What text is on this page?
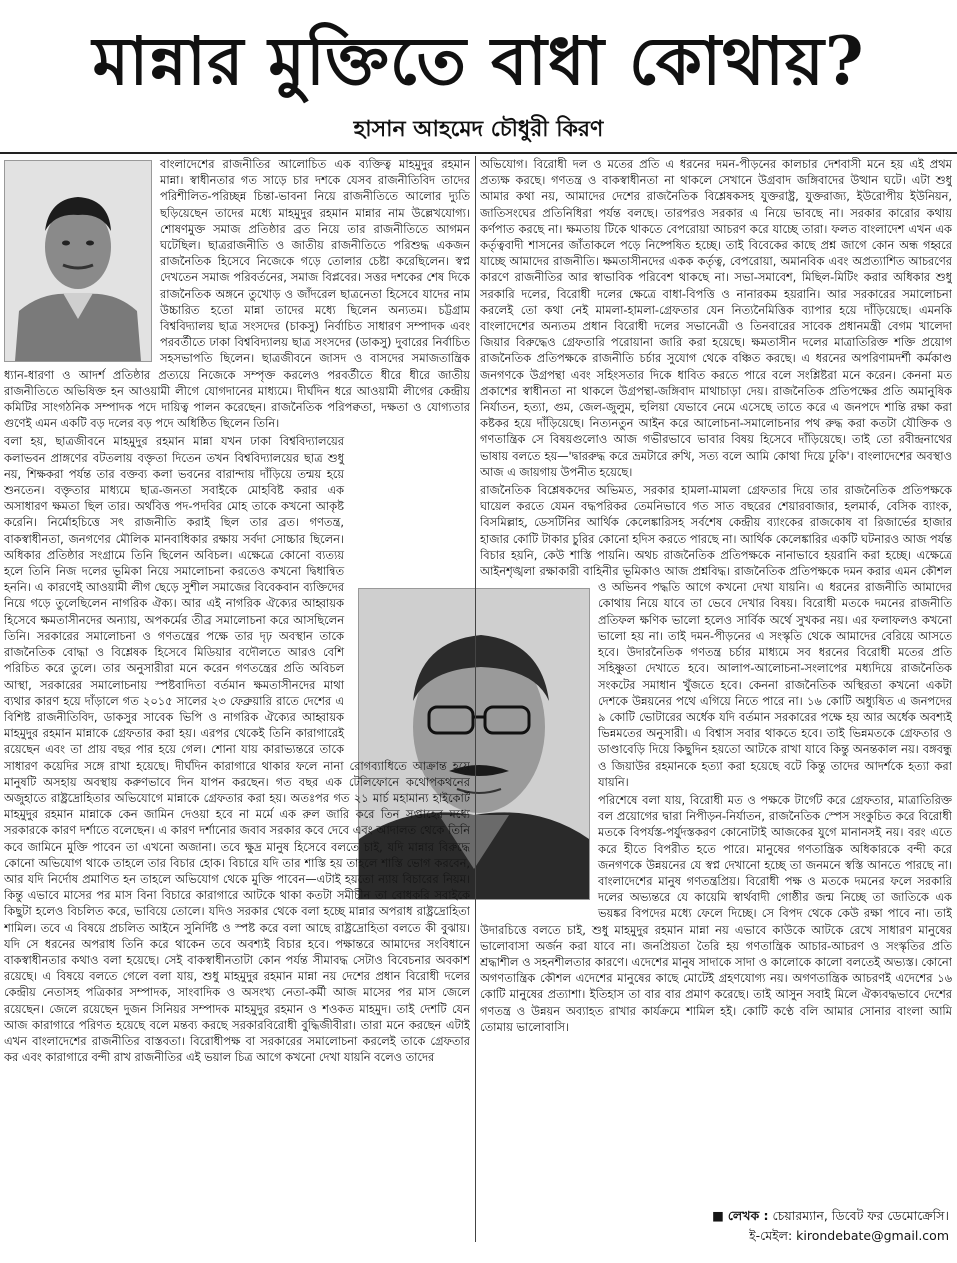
মান্নার মুক্তিতে বাধা কোথায়?
হাসান আহমেদ চৌধুরী কিরণ

বাংলাদেশের রাজনীতির আলোচিত এক ব্যক্তিত্ব মাহমুদুর রহমান মান্না। স্বাধীনতার গত সাড়ে চার দশকে যেসব রাজনীতিবিদ তাদের পরিশীলিত-পরিচ্ছন্ন চিন্তা-ভাবনা নিয়ে রাজনীতিতে আলোর দ্যুতি ছড়িয়েছেন তাদের মধ্যে মাহমুদুর রহমান মান্নার নাম উল্লেখযোগ্য। শোষণমুক্ত সমাজ প্রতিষ্ঠার ব্রত নিয়ে তার রাজনীতিতে আগমন ঘটেছিল। ছাত্ররাজনীতি ও জাতীয় রাজনীতিতে পরিশুদ্ধ একজন রাজনৈতিক হিসেবে নিজেকে গড়ে তোলার চেষ্টা করেছিলেন। স্বপ্ন দেখতেন সমাজ পরিবর্তনের, সমাজ বিপ্লবের। সত্তর দশকের শেষ দিকে রাজনৈতিক অঙ্গনে তুখোড় ও জাঁদরেল ছাত্রনেতা হিসেবে যাদের নাম উচ্চারিত হতো মান্না তাদের মধ্যে ছিলেন অন্যতম। চট্টগ্রাম বিশ্ববিদ্যালয় ছাত্র সংসদের (চাকসু) নির্বাচিত সাধারণ সম্পাদক এবং পরবর্তীতে ঢাকা বিশ্ববিদ্যালয় ছাত্র সংসদের (ডাকসু) দুবারের নির্বাচিত সহসভাপতি ছিলেন। ছাত্রজীবনে জাসদ ও বাসদের সমাজতান্ত্রিক ধ্যান-ধারণা ও আদর্শ প্রতিষ্ঠার প্রত্যয়ে নিজেকে সম্পৃক্ত করলেও পরবর্তীতে ধীরে ধীরে জাতীয় রাজনীতিতে অভিষিক্ত হন আওয়ামী লীগে যোগদানের মাধ্যমে। দীর্ঘদিন ধরে আওয়ামী লীগের কেন্দ্রীয় কমিটির সাংগঠনিক সম্পাদক পদে দায়িত্ব পালন করেছেন। রাজনৈতিক পরিপক্বতা, দক্ষতা ও যোগ্যতার গুণেই এমন একটি বড় দলের বড় পদে অধিষ্ঠিত ছিলেন তিনি।

বলা হয়, ছাত্রজীবনে মাহমুদুর রহমান মান্না যখন ঢাকা বিশ্ববিদ্যালয়ের কলাভবন প্রাঙ্গণের বটতলায় বক্তৃতা দিতেন তখন বিশ্ববিদ্যালয়ের ছাত্র শুধু নয়, শিক্ষকরা পর্যন্ত তার বক্তব্য কলা ভবনের বারান্দায় দাঁড়িয়ে তন্ময় হয়ে শুনতেন। বক্তৃতার মাধ্যমে ছাত্র-জনতা সবাইকে মোহবিষ্ট করার এক অসাধারণ ক্ষমতা ছিল তার। অর্থবিত্ত পদ-পদবির মোহ তাকে কখনো আকৃষ্ট করেনি। নির্মোহচিত্তে সৎ রাজনীতি করাই ছিল তার ব্রত। গণতন্ত্র, বাকস্বাধীনতা, জনগণের মৌলিক মানবাধিকার রক্ষায় সর্বদা সোচ্চার ছিলেন। অধিকার প্রতিষ্ঠার সংগ্রামে তিনি ছিলেন অবিচল। এক্ষেত্রে কোনো ব্যত্যয় হলে তিনি নিজ দলের ভূমিকা নিয়ে সমালোচনা করতেও কখনো দ্বিধান্বিত হননি। এ কারণেই আওয়ামী লীগ ছেড়ে সুশীল সমাজের বিবেকবান ব্যক্তিদের নিয়ে গড়ে তুলেছিলেন নাগরিক ঐক্য। আর এই নাগরিক ঐক্যের আহ্বায়ক হিসেবে ক্ষমতাসীনদের অন্যায়, অপকর্মের তীব্র সমালোচনা করে আসছিলেন তিনি। সরকারের সমালোচনা ও গণতন্ত্রের পক্ষে তার দৃঢ় অবস্থান তাকে রাজনৈতিক বোদ্ধা ও বিশ্লেষক হিসেবে মিডিয়ার বদৌলতে আরও বেশি পরিচিত করে তুলে। তার অনুসারীরা মনে করেন গণতন্ত্রের প্রতি অবিচল আস্থা, সরকারের সমালোচনায় স্পষ্টবাদিতা বর্তমান ক্ষমতাসীনদের মাথা ব্যথার কারণ হয়ে দাঁড়ালে গত ২০১৫ সালের ২৩ ফেব্রুয়ারি রাতে দেশের এ বিশিষ্ট রাজনীতিবিদ, ডাকসুর সাবেক ভিপি ও নাগরিক ঐক্যের আহ্বায়ক মাহমুদুর রহমান মান্নাকে গ্রেফতার করা হয়। এরপর থেকেই তিনি কারাগারেই রয়েছেন এবং তা প্রায় বছর পার হয়ে গেল। শোনা যায় কারাভ্যন্তরে তাকে সাধারণ কয়েদির সঙ্গে রাখা হয়েছে। দীর্ঘদিন কারাগারে থাকার ফলে নানা রোগব্যাধিতে আক্রান্ত হয়ে মানুষটি অসহায় অবস্থায় করুণভাবে দিন যাপন করছেন। গত বছর এক টেলিফোনে কথোপকথনের অজুহাতে রাষ্ট্রদ্রোহিতার অভিযোগে মান্নাকে গ্রেফতার করা হয়। অতঃপর গত ২১ মার্চ মহামান্য হাইকোর্ট মাহমুদুর রহমান মান্নাকে কেন জামিন দেওয়া হবে না মর্মে এক রুল জারি করে তিন সপ্তাহের মধ্যে সরকারকে কারণ দর্শাতে বলেছেন। এ কারণ দর্শানোর জবাব সরকার কবে দেবে এবং আদালত থেকে তিনি কবে জামিনে মুক্তি পাবেন তা এখনো অজানা। তবে ক্ষুদ্র মানুষ হিসেবে বলতে চাই, যদি মান্নার বিরুদ্ধে কোনো অভিযোগ থাকে তাহলে তার বিচার হোক। বিচারে যদি তার শাস্তি হয় তাহলে শাস্তি ভোগ করবেন, আর যদি নির্দোষ প্রমাণিত হন তাহলে অভিযোগ থেকে মুক্তি পাবেন—এটাই হয়তো ন্যায় বিচারের নিয়ম। কিন্তু এভাবে মাসের পর মাস বিনা বিচারে কারাগারে আটকে থাকা কতটা সমীচীন তা বোধকরি সবাইকে কিছুটা হলেও বিচলিত করে, ভাবিয়ে তোলে। যদিও সরকার থেকে বলা হচ্ছে মান্নার অপরাধ রাষ্ট্রদ্রোহিতা শামিল। তবে এ বিষয়ে প্রচলিত আইনে সুনির্দিষ্ট ও স্পষ্ট করে বলা আছে রাষ্ট্রদ্রোহিতা বলতে কী বুঝায়। যদি সে ধরনের অপরাধ তিনি করে থাকেন তবে অবশ্যই বিচার হবে। পক্ষান্তরে আমাদের সংবিধানে বাকস্বাধীনতার কথাও বলা হয়েছে। সেই বাকস্বাধীনতাটা কোন পর্যন্ত সীমাবদ্ধ সেটাও বিবেচনার অবকাশ রয়েছে। এ বিষয়ে বলতে গেলে বলা যায়, শুধু মাহমুদুর রহমান মান্না নয় দেশের প্রধান বিরোধী দলের কেন্দ্রীয় নেতাসহ পত্রিকার সম্পাদক, সাংবাদিক ও অসংখ্য নেতা-কর্মী আজ মাসের পর মাস জেলে রয়েছেন। জেলে রয়েছেন দুজন সিনিয়র সম্পাদক মাহমুদুর রহমান ও শওকত মাহমুদ। তাই দেশটি যেন আজ কারাগারে পরিণত হয়েছে বলে মন্তব্য করছে সরকারবিরোধী বুদ্ধিজীবীরা। তারা মনে করছেন এটাই এখন বাংলাদেশের রাজনীতির বাস্তবতা। বিরোধীপক্ষ বা সরকারের সমালোচনা করলেই তাকে গ্রেফতার কর এবং কারাগারে বন্দী রাখ রাজনীতির এই ভয়াল চিত্র আগে কখনো দেখা যায়নি বলেও তাদের

অভিযোগ। বিরোধী দল ও মতের প্রতি এ ধরনের দমন-পীড়নের কালচার দেশবাসী মনে হয় এই প্রথম প্রত্যক্ষ করছে। গণতন্ত্র ও বাকস্বাধীনতা না থাকলে সেখানে উগ্রবাদ জঙ্গিবাদের উত্থান ঘটে। এটা শুধু আমার কথা নয়, আমাদের দেশের রাজনৈতিক বিশ্লেষকসহ যুক্তরাষ্ট্র, যুক্তরাজ্য, ইউরোপীয় ইউনিয়ন, জাতিসংঘের প্রতিনিধিরা পর্যন্ত বলছে। তারপরও সরকার এ নিয়ে ভাবছে না। সরকার কারোর কথায় কর্ণপাত করছে না। ক্ষমতায় টিকে থাকতে বেপরোয়া আচরণ করে যাচ্ছে তারা। ফলত বাংলাদেশ এখন এক কর্তৃত্ববাদী শাসনের জাঁতাকলে পড়ে নিষ্পেষিত হচ্ছে। তাই বিবেকের কাছে প্রশ্ন জাগে কোন অন্ধ গহ্বরে যাচ্ছে আমাদের রাজনীতি। ক্ষমতাসীনদের একক কর্তৃত্ব, বেপরোয়া, অমানবিক এবং অপ্রত্যাশিত আচরণের কারণে রাজনীতির আর স্বাভাবিক পরিবেশ থাকছে না। সভা-সমাবেশ, মিছিল-মিটিং করার অধিকার শুধু সরকারি দলের, বিরোধী দলের ক্ষেত্রে বাধা-বিপত্তি ও নানারকম হয়রানি। আর সরকারের সমালোচনা করলেই তো কথা নেই মামলা-হামলা-গ্রেফতার যেন নিত্যনৈমিত্তিক ব্যাপার হয়ে দাঁড়িয়েছে। এমনকি বাংলাদেশের অন্যতম প্রধান বিরোধী দলের সভানেত্রী ও তিনবারের সাবেক প্রধানমন্ত্রী বেগম খালেদা জিয়ার বিরুদ্ধেও গ্রেফতারি পরোয়ানা জারি করা হয়েছে। ক্ষমতাসীন দলের মাত্রাতিরিক্ত শক্তি প্রয়োগ রাজনৈতিক প্রতিপক্ষকে রাজনীতি চর্চার সুযোগ থেকে বঞ্চিত করছে। এ ধরনের অপরিণামদর্শী কর্মকাণ্ড জনগণকে উগ্রপন্থা এবং সহিংসতার দিকে ধাবিত করতে পারে বলে সংশ্লিষ্টরা মনে করেন। কেননা মত প্রকাশের স্বাধীনতা না থাকলে উগ্রপন্থা-জঙ্গিবাদ মাথাচাড়া দেয়। রাজনৈতিক প্রতিপক্ষের প্রতি অমানুষিক নির্যাতন, হত্যা, গুম, জেল-জুলুম, হুলিয়া যেভাবে নেমে এসেছে তাতে করে এ জনপদে শান্তি রক্ষা করা কষ্টকর হয়ে দাঁড়িয়েছে। নিত্যনতুন আইন করে আলোচনা-সমালোচনার পথ রুদ্ধ করা কতটা যৌক্তিক ও গণতান্ত্রিক সে বিষয়গুলোও আজ গভীরভাবে ভাবার বিষয় হিসেবে দাঁড়িয়েছে। তাই তো রবীন্দ্রনাথের ভাষায় বলতে হয়—'দ্বাররুদ্ধ করে ভ্রমটারে রুখি, সত্য বলে আমি কোথা দিয়ে ঢুকি'। বাংলাদেশের অবস্থাও আজ এ জায়গায় উপনীত হয়েছে।

রাজনৈতিক বিশ্লেষকদের অভিমত, সরকার হামলা-মামলা গ্রেফতার দিয়ে তার রাজনৈতিক প্রতিপক্ষকে ঘায়েল করতে যেমন বদ্ধপরিকর তেমনিভাবে গত সাত বছরের শেয়ারবাজার, হলমার্ক, বেসিক ব্যাংক, বিসমিল্লাহ, ডেসটিনির আর্থিক কেলেঙ্কারিসহ সর্বশেষ কেন্দ্রীয় ব্যাংকের রাজকোষ বা রিজার্ভের হাজার হাজার কোটি টাকার চুরির কোনো হদিস করতে পারছে না। আর্থিক কেলেঙ্কারির একটি ঘটনারও আজ পর্যন্ত বিচার হয়নি, কেউ শাস্তি পায়নি। অথচ রাজনৈতিক প্রতিপক্ষকে নানাভাবে হয়রানি করা হচ্ছে। এক্ষেত্রে আইনশৃঙ্খলা রক্ষাকারী বাহিনীর ভূমিকাও আজ প্রশ্নবিদ্ধ। রাজনৈতিক প্রতিপক্ষকে দমন করার এমন কৌশল ও অভিনব পদ্ধতি আগে কখনো দেখা যায়নি। এ ধরনের রাজনীতি আমাদের কোথায় নিয়ে যাবে তা ভেবে দেখার বিষয়। বিরোধী মতকে দমনের রাজনীতি প্রতিফল ক্ষণিক ভালো হলেও সার্বিক অর্থে সুখকর নয়। এর ফলাফলও কখনো ভালো হয় না। তাই দমন-পীড়নের এ সংস্কৃতি থেকে আমাদের বেরিয়ে আসতে হবে। উদারনৈতিক গণতন্ত্র চর্চার মাধ্যমে সব ধরনের বিরোধী মতের প্রতি সহিষ্ণুতা দেখাতে হবে। আলাপ-আলোচনা-সংলাপের মধ্যদিয়ে রাজনৈতিক সংকটের সমাধান খুঁজতে হবে। কেননা রাজনৈতিক অস্থিরতা কখনো একটা দেশকে উন্নয়নের পথে এগিয়ে নিতে পারে না। ১৬ কোটি অধ্যুষিত এ জনপদের ৯ কোটি ভোটারের অর্ধেক যদি বর্তমান সরকারের পক্ষে হয় আর অর্ধেক অবশ্যই ভিন্নমতের অনুসারী। এ বিশ্বাস সবার থাকতে হবে। তাই ভিন্নমতকে গ্রেফতার ও ডাণ্ডাবেড়ি দিয়ে কিছুদিন হয়তো আটকে রাখা যাবে কিন্তু অনন্তকাল নয়। বঙ্গবন্ধু ও জিয়াউর রহমানকে হত্যা করা হয়েছে বটে কিন্তু তাদের আদর্শকে হত্যা করা যায়নি।

পরিশেষে বলা যায়, বিরোধী মত ও পক্ষকে টার্গেট করে গ্রেফতার, মাত্রাতিরিক্ত বল প্রয়োগের দ্বারা নিপীড়ন-নির্যাতন, রাজনৈতিক স্পেস সংকুচিত করে বিরোধী মতকে বিপর্যস্ত-পর্যুদস্তকরণ কোনোটাই আজকের যুগে মানানসই নয়। বরং এতে করে হীতে বিপরীত হতে পারে। মানুষের গণতান্ত্রিক অধিকারকে বন্দী করে জনগণকে উন্নয়নের যে স্বপ্ন দেখানো হচ্ছে তা জনমনে স্বস্তি আনতে পারছে না। বাংলাদেশের মানুষ গণতন্ত্রপ্রিয়। বিরোধী পক্ষ ও মতকে দমনের ফলে সরকারি দলের অভ্যন্তরে যে কায়েমি স্বার্থবাদী গোষ্ঠীর জন্ম নিচ্ছে তা জাতিকে এক ভয়ঙ্কর বিপদের মধ্যে ফেলে দিচ্ছে। সে বিপদ থেকে কেউ রক্ষা পাবে না। তাই উদারচিত্তে বলতে চাই, শুধু মাহমুদুর রহমান মান্না নয় এভাবে কাউকে আটকে রেখে সাধারণ মানুষের ভালোবাসা অর্জন করা যাবে না। জনপ্রিয়তা তৈরি হয় গণতান্ত্রিক আচার-আচরণ ও সংস্কৃতির প্রতি শ্রদ্ধাশীল ও সহনশীলতার কারণে। এদেশের মানুষ সাদাকে সাদা ও কালোকে কালো বলতেই অভ্যস্ত। কোনো অগণতান্ত্রিক কৌশল এদেশের মানুষের কাছে মোটেই গ্রহণযোগ্য নয়। অগণতান্ত্রিক আচরণই এদেশের ১৬ কোটি মানুষের প্রত্যাশা। ইতিহাস তা বার বার প্রমাণ করেছে। তাই আসুন সবাই মিলে ঐক্যবদ্ধভাবে দেশের গণতন্ত্র ও উন্নয়ন অব্যাহত রাখার কার্যক্রমে শামিল হই। কোটি কণ্ঠে বলি আমার সোনার বাংলা আমি তোমায় ভালোবাসি।

■ লেখক : চেয়ারম্যান, ডিবেট ফর ডেমোক্রেসি।
ই-মেইল: kirondebate@gmail.com
